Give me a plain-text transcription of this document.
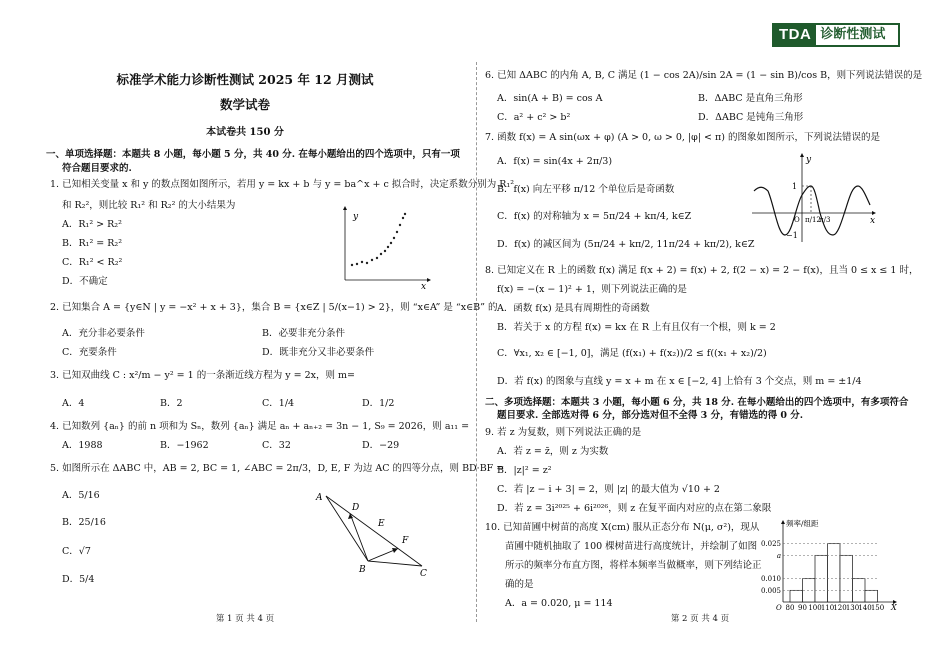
TDA 诊断性测试
标准学术能力诊断性测试 2025 年 12 月测试
数学试卷
本试卷共 150 分
一、单项选择题：本题共 8 小题，每小题 5 分，共 40 分. 在每小题给出的四个选项中，只有一项
符合题目要求的.
1. 已知相关变量 x 和 y 的数点图如图所示，若用 y = kx + b 与 y = ba^x + c 拟合时，决定系数分别为 R₁²
和 R₂²，则比较 R₁² 和 R₂² 的大小结果为
A．R₁² > R₂²
B．R₁² = R₂²
C．R₁² < R₂²
D．不确定
y
x
2. 已知集合 A = {y∈N | y = −x² + x + 3}，集合 B = {x∈Z | 5/(x−1) > 2}，则 “x∈A” 是 “x∈B” 的
A．充分非必要条件	B．必要非充分条件
C．充要条件	D．既非充分又非必要条件
3. 已知双曲线 C : x²/m − y² = 1 的一条渐近线方程为 y = 2x，则 m=
A．4	B．2	C．1/4	D．1/2
4. 已知数列 {aₙ} 的前 n 项和为 Sₙ，数列 {aₙ} 满足 aₙ + aₙ₊₂ = 3n − 1, S₉ = 2026，则 a₁₁ =
A．1988	B．−1962	C．32	D．−29
5. 如图所示在 ΔABC 中，AB = 2, BC = 1, ∠ABC = 2π/3，D, E, F 为边 AC 的四等分点，则 BD·BF =
A．5/16
B．25/16
C．√7
D．5/4
A
B	C
D
E
F
第 1 页 共 4 页
6. 已知 ΔABC 的内角 A, B, C 满足 (1 − cos 2A)/sin 2A = (1 − sin B)/cos B，则下列说法错误的是
A．sin(A + B) = cos A	B．ΔABC 是直角三角形
C．a² + c² > b²	D．ΔABC 是钝角三角形
7. 函数 f(x) = A sin(ωx + φ) (A > 0, ω > 0, |φ| < π) 的图象如图所示，下列说法错误的是
A．f(x) = sin(4x + 2π/3)
B．f(x) 向左平移 π/12 个单位后是奇函数
C．f(x) 的对称轴为 x = 5π/24 + kπ/4, k∈Z
D．f(x) 的减区间为 (5π/24 + kπ/2, 11π/24 + kπ/2), k∈Z
y
x
1
−1
O π/12
π/3
8. 已知定义在 R 上的函数 f(x) 满足 f(x + 2) = f(x) + 2, f(2 − x) = 2 − f(x)，且当 0 ≤ x ≤ 1 时，
f(x) = −(x − 1)² + 1，则下列说法正确的是
A．函数 f(x) 是具有周期性的奇函数
B．若关于 x 的方程 f(x) = kx 在 R 上有且仅有一个根，则 k = 2
C．∀x₁, x₂ ∈ [−1, 0]，满足 (f(x₁) + f(x₂))/2 ≤ f((x₁ + x₂)/2)
D．若 f(x) 的图象与直线 y = x + m 在 x ∈ [−2, 4] 上恰有 3 个交点，则 m = ±1/4
二、多项选择题：本题共 3 小题，每小题 6 分，共 18 分. 在每小题给出的四个选项中，有多项符合
题目要求. 全部选对得 6 分，部分选对但不全得 3 分，有错选的得 0 分.
9. 若 z 为复数，则下列说法正确的是
A．若 z = z̄，则 z 为实数
B．|z|² = z²
C．若 |z − i + 3| = 2，则 |z| 的最大值为 √10 + 2
D．若 z = 3i²⁰²⁵ + 6i²⁰²⁶，则 z 在复平面内对应的点在第二象限
10. 已知苗圃中树苗的高度 X(cm) 服从正态分布 N(μ, σ²)，现从
苗圃中随机抽取了 100 棵树苗进行高度统计，并绘制了如图
所示的频率分布直方图，将样本频率当做概率，则下列结论正
确的是
A．a = 0.020, μ = 114
频率/组距
X
O
0.025
a
0.010
0.005
80 90 100 110 120 130 140 150
第 2 页 共 4 页
